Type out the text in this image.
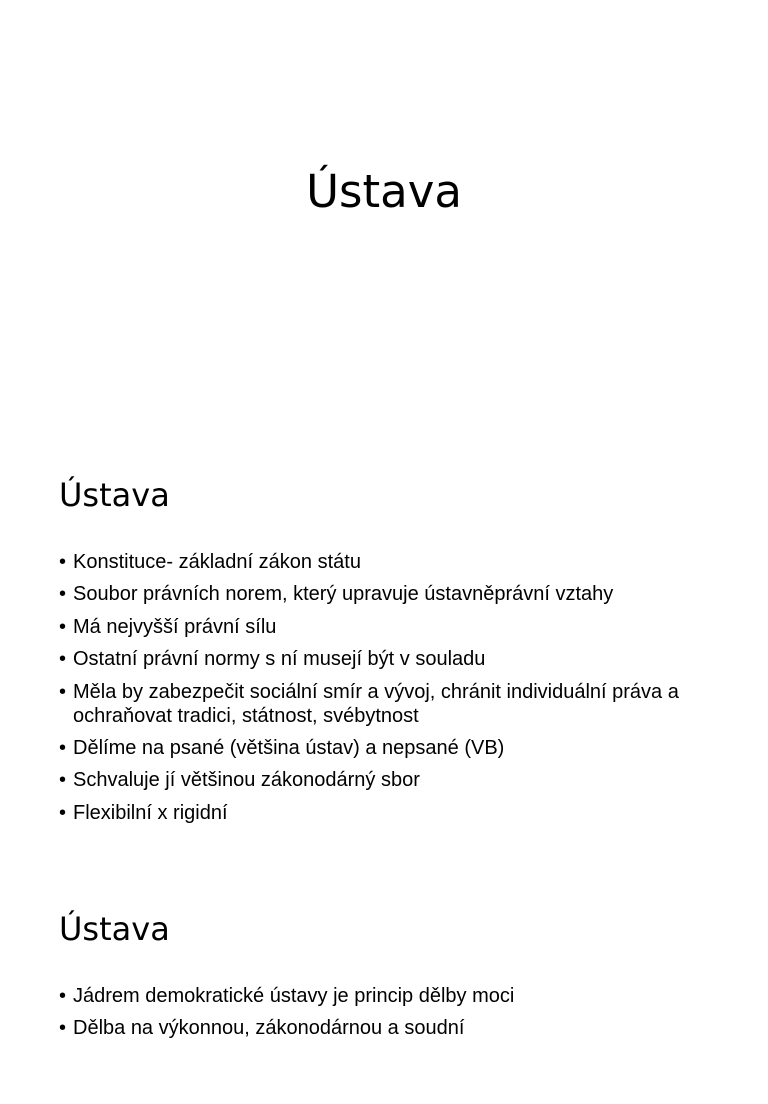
Ústava
Ústava
• Konstituce- základní zákon státu
• Soubor právních norem, který upravuje ústavněprávní vztahy
• Má nejvyšší právní sílu
• Ostatní právní normy s ní musejí být v souladu
• Měla by zabezpečit sociální smír a vývoj, chránit individuální práva a ochraňovat tradici, státnost, svébytnost
• Dělíme na psané (většina ústav) a nepsané (VB)
• Schvaluje jí většinou zákonodárný sbor
• Flexibilní x rigidní
Ústava
• Jádrem demokratické ústavy je princip dělby moci
• Dělba na výkonnou, zákonodárnou a soudní
